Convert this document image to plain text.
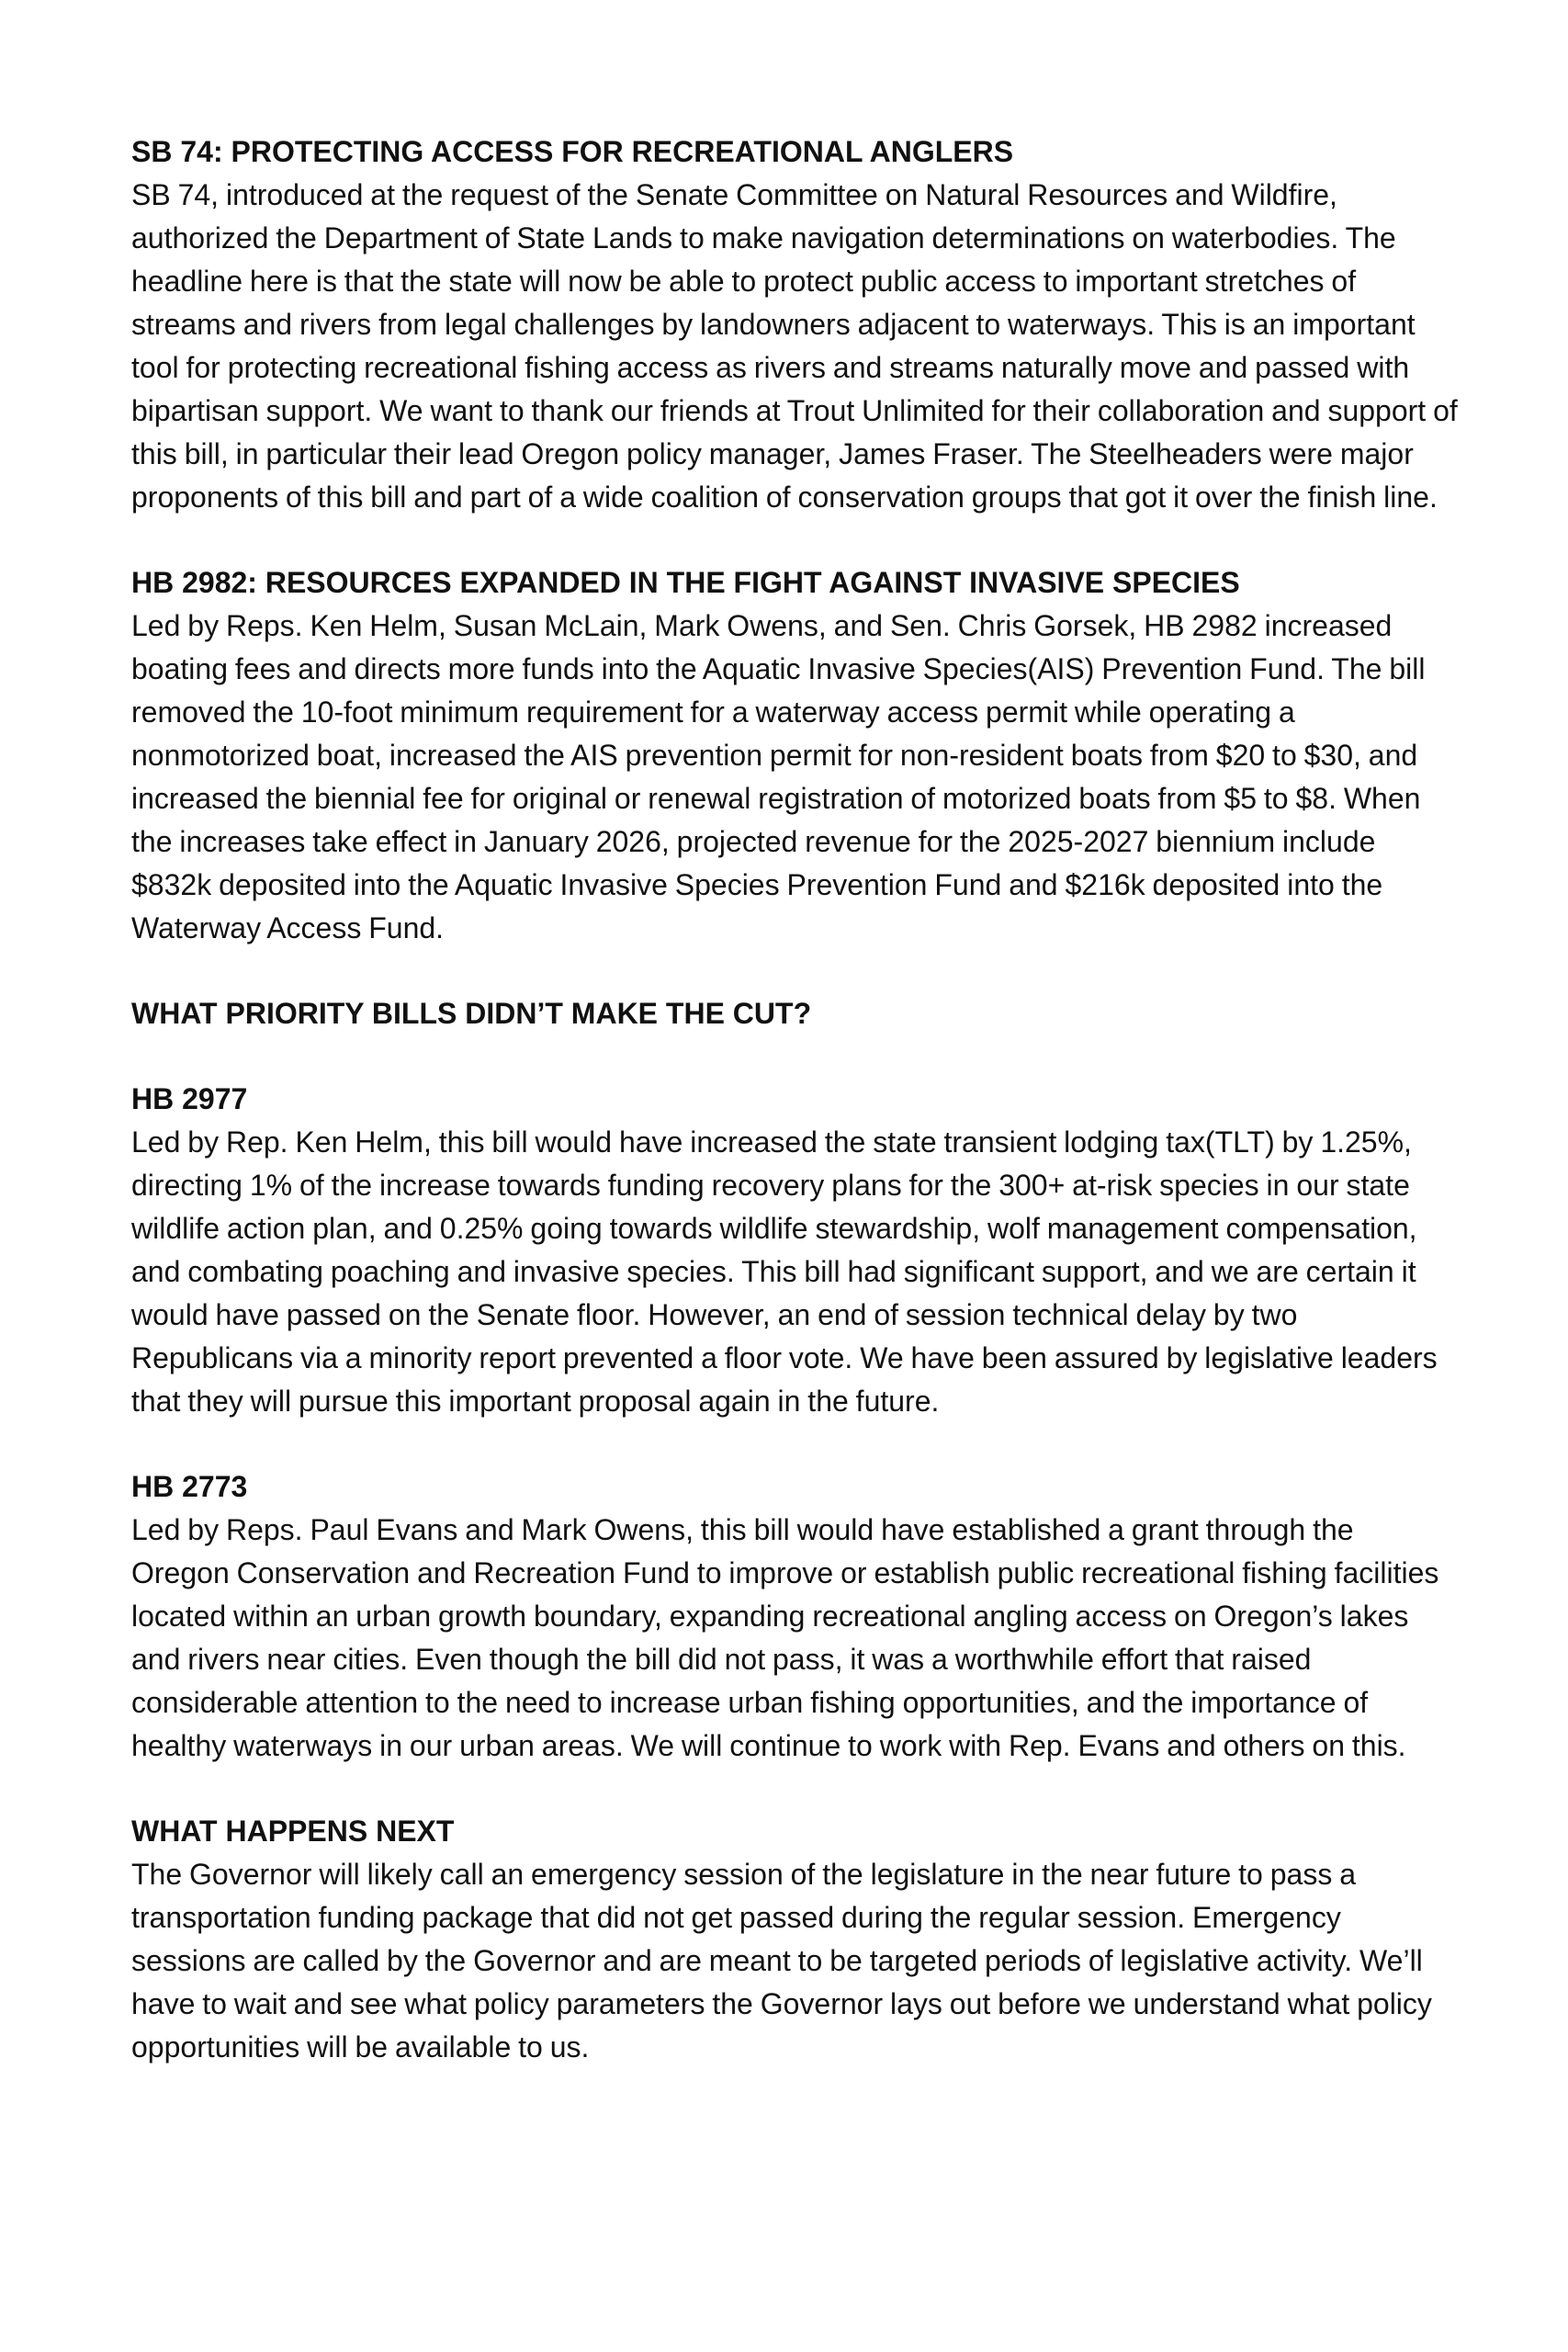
SB 74: PROTECTING ACCESS FOR RECREATIONAL ANGLERS

SB 74, introduced at the request of the Senate Committee on Natural Resources and Wildfire, authorized the Department of State Lands to make navigation determinations on waterbodies. The headline here is that the state will now be able to protect public access to important stretches of streams and rivers from legal challenges by landowners adjacent to waterways. This is an important tool for protecting recreational fishing access as rivers and streams naturally move and passed with bipartisan support. We want to thank our friends at Trout Unlimited for their collaboration and support of this bill, in particular their lead Oregon policy manager, James Fraser. The Steelheaders were major proponents of this bill and part of a wide coalition of conservation groups that got it over the finish line.

HB 2982: RESOURCES EXPANDED IN THE FIGHT AGAINST INVASIVE SPECIES

Led by Reps. Ken Helm, Susan McLain, Mark Owens, and Sen. Chris Gorsek, HB 2982 increased boating fees and directs more funds into the Aquatic Invasive Species(AIS) Prevention Fund. The bill removed the 10-foot minimum requirement for a waterway access permit while operating a nonmotorized boat, increased the AIS prevention permit for non-resident boats from $20 to $30, and increased the biennial fee for original or renewal registration of motorized boats from $5 to $8. When the increases take effect in January 2026, projected revenue for the 2025-2027 biennium include $832k deposited into the Aquatic Invasive Species Prevention Fund and $216k deposited into the Waterway Access Fund.

WHAT PRIORITY BILLS DIDN’T MAKE THE CUT?

HB 2977

Led by Rep. Ken Helm, this bill would have increased the state transient lodging tax(TLT) by 1.25%, directing 1% of the increase towards funding recovery plans for the 300+ at-risk species in our state wildlife action plan, and 0.25% going towards wildlife stewardship, wolf management compensation, and combating poaching and invasive species. This bill had significant support, and we are certain it would have passed on the Senate floor. However, an end of session technical delay by two Republicans via a minority report prevented a floor vote. We have been assured by legislative leaders that they will pursue this important proposal again in the future.

HB 2773

Led by Reps. Paul Evans and Mark Owens, this bill would have established a grant through the Oregon Conservation and Recreation Fund to improve or establish public recreational fishing facilities located within an urban growth boundary, expanding recreational angling access on Oregon’s lakes and rivers near cities. Even though the bill did not pass, it was a worthwhile effort that raised considerable attention to the need to increase urban fishing opportunities, and the importance of healthy waterways in our urban areas. We will continue to work with Rep. Evans and others on this.

WHAT HAPPENS NEXT

The Governor will likely call an emergency session of the legislature in the near future to pass a transportation funding package that did not get passed during the regular session. Emergency sessions are called by the Governor and are meant to be targeted periods of legislative activity. We’ll have to wait and see what policy parameters the Governor lays out before we understand what policy opportunities will be available to us.
